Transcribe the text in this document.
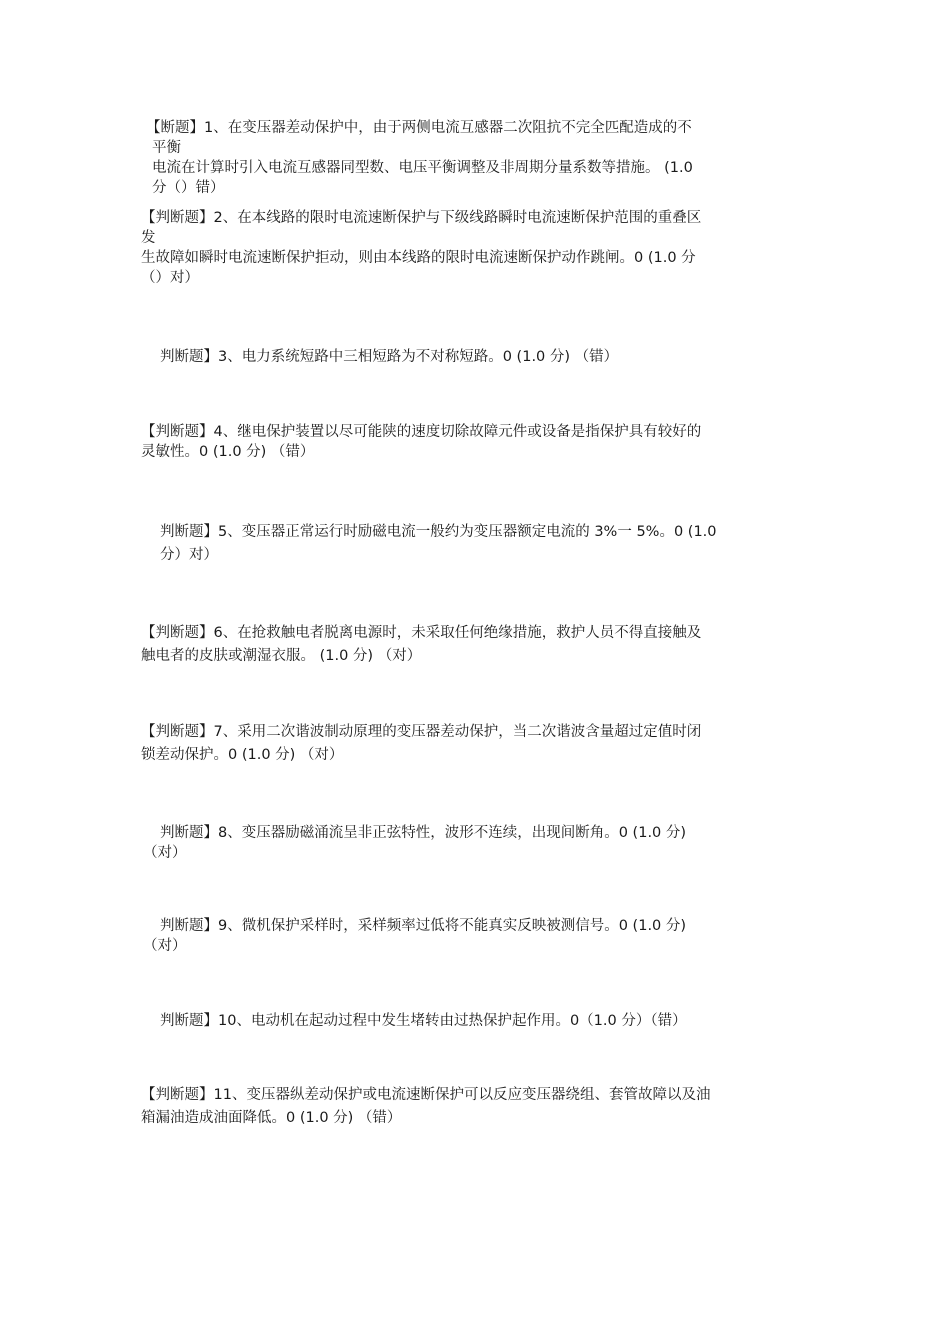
【断题】1、在变压器差动保护中，由于两侧电流互感器二次阻抗不完全匹配造成的不
平衡
电流在计算时引入电流互感器同型数、电压平衡调整及非周期分量系数等措施。 (1.0
分（）错）

【判断题】2、在本线路的限时电流速断保护与下级线路瞬时电流速断保护范围的重叠区
发
生故障如瞬时电流速断保护拒动，则由本线路的限时电流速断保护动作跳闸。0 (1.0 分
（）对）

判断题】3、电力系统短路中三相短路为不对称短路。0 (1.0 分) （错）

【判断题】4、继电保护装置以尽可能陕的速度切除故障元件或设备是指保护具有较好的
灵敏性。0 (1.0 分) （错）

判断题】5、变压器正常运行时励磁电流一般约为变压器额定电流的 3%一 5%。0 (1.0
分）对）

【判断题】6、在抢救触电者脱离电源时，未采取任何绝缘措施，救护人员不得直接触及
触电者的皮肤或潮湿衣服。 (1.0 分) （对）

【判断题】7、采用二次谐波制动原理的变压器差动保护，当二次谐波含量超过定值时闭
锁差动保护。0 (1.0 分) （对）

判断题】8、变压器励磁涌流呈非正弦特性，波形不连续，出现间断角。0 (1.0 分)
（对）

判断题】9、微机保护采样时，采样频率过低将不能真实反映被测信号。0 (1.0 分)
（对）

判断题】10、电动机在起动过程中发生堵转由过热保护起作用。0（1.0 分）（错）

【判断题】11、变压器纵差动保护或电流速断保护可以反应变压器绕组、套管故障以及油
箱漏油造成油面降低。0 (1.0 分) （错）
